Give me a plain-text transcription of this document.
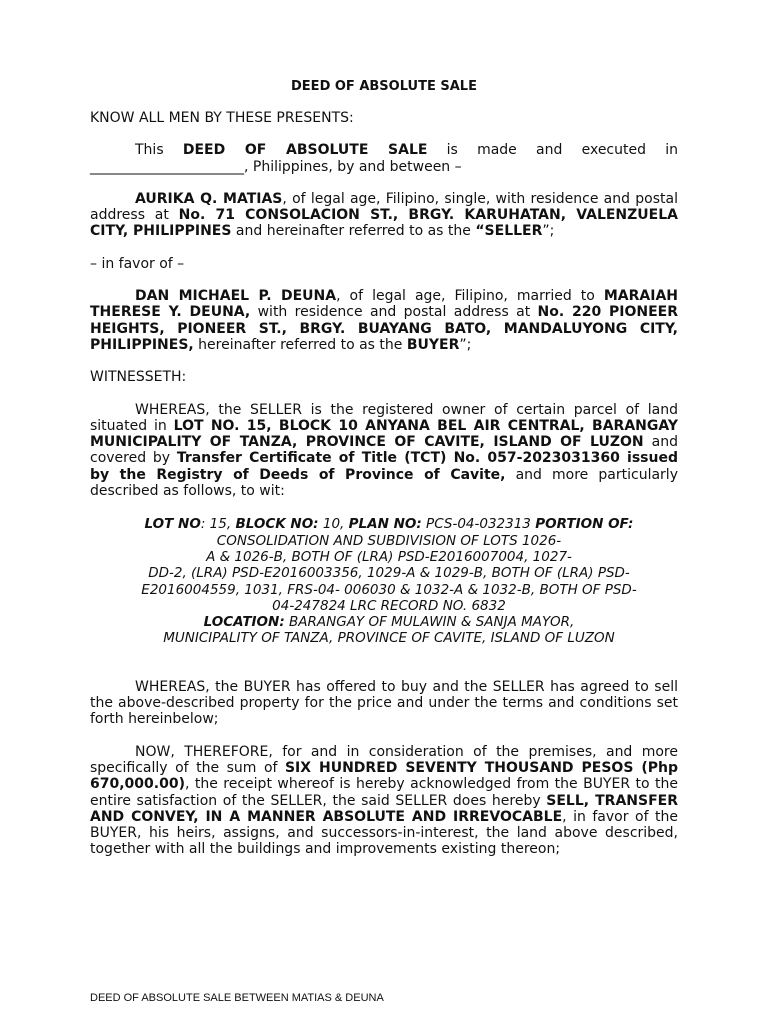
DEED OF ABSOLUTE SALE

KNOW ALL MEN BY THESE PRESENTS:

This DEED OF ABSOLUTE SALE is made and executed in ______________________, Philippines, by and between –

AURIKA Q. MATIAS, of legal age, Filipino, single, with residence and postal address at No. 71 CONSOLACION ST., BRGY. KARUHATAN, VALENZUELA CITY, PHILIPPINES and hereinafter referred to as the “SELLER”;

– in favor of –

DAN MICHAEL P. DEUNA, of legal age, Filipino, married to MARAIAH THERESE Y. DEUNA, with residence and postal address at No. 220 PIONEER HEIGHTS, PIONEER ST., BRGY. BUAYANG BATO, MANDALUYONG CITY, PHILIPPINES, hereinafter referred to as the BUYER”;

WITNESSETH:

WHEREAS, the SELLER is the registered owner of certain parcel of land situated in LOT NO. 15, BLOCK 10 ANYANA BEL AIR CENTRAL, BARANGAY MUNICIPALITY OF TANZA, PROVINCE OF CAVITE, ISLAND OF LUZON and covered by Transfer Certificate of Title (TCT) No. 057-2023031360 issued by the Registry of Deeds of Province of Cavite, and more particularly described as follows, to wit:

LOT NO: 15, BLOCK NO: 10, PLAN NO: PCS-04-032313 PORTION OF:
CONSOLIDATION AND SUBDIVISION OF LOTS 1026-
A & 1026-B, BOTH OF (LRA) PSD-E2016007004, 1027-
DD-2, (LRA) PSD-E2016003356, 1029-A & 1029-B, BOTH OF (LRA) PSD-
E2016004559, 1031, FRS-04- 006030 & 1032-A & 1032-B, BOTH OF PSD-
04-247824 LRC RECORD NO. 6832
LOCATION: BARANGAY OF MULAWIN & SANJA MAYOR,
MUNICIPALITY OF TANZA, PROVINCE OF CAVITE, ISLAND OF LUZON

WHEREAS, the BUYER has offered to buy and the SELLER has agreed to sell the above-described property for the price and under the terms and conditions set forth hereinbelow;

NOW, THEREFORE, for and in consideration of the premises, and more specifically of the sum of SIX HUNDRED SEVENTY THOUSAND PESOS (Php 670,000.00), the receipt whereof is hereby acknowledged from the BUYER to the entire satisfaction of the SELLER, the said SELLER does hereby SELL, TRANSFER AND CONVEY, IN A MANNER ABSOLUTE AND IRREVOCABLE, in favor of the BUYER, his heirs, assigns, and successors-in-interest, the land above described, together with all the buildings and improvements existing thereon;

DEED OF ABSOLUTE SALE BETWEEN MATIAS & DEUNA
